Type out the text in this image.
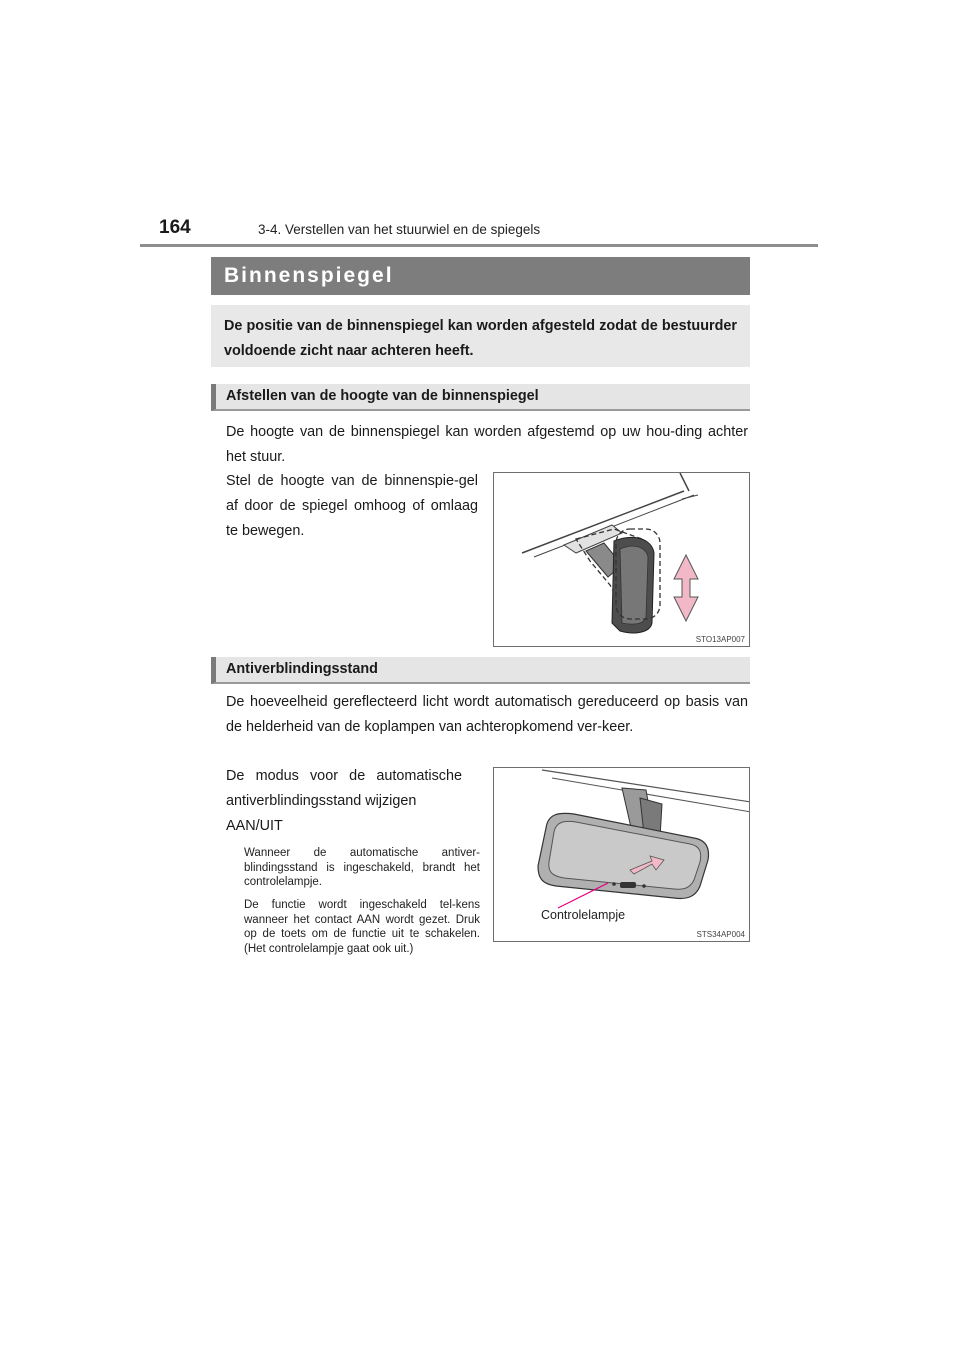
164	3-4. Verstellen van het stuurwiel en de spiegels
Binnenspiegel
De positie van de binnenspiegel kan worden afgesteld zodat de bestuurder voldoende zicht naar achteren heeft.
Afstellen van de hoogte van de binnenspiegel
De hoogte van de binnenspiegel kan worden afgestemd op uw hou-ding achter het stuur.
Stel de hoogte van de binnenspie-gel af door de spiegel omhoog of omlaag te bewegen.
STO13AP007
Antiverblindingsstand
De hoeveelheid gereflecteerd licht wordt automatisch gereduceerd op basis van de helderheid van de koplampen van achteropkomend ver-keer.
De modus voor de automatische antiverblindingsstand wijzigen
AAN/UIT
Wanneer de automatische antiver-blindingsstand is ingeschakeld, brandt het controlelampje.
De functie wordt ingeschakeld tel-kens wanneer het contact AAN wordt gezet. Druk op de toets om de functie uit te schakelen. (Het controlelampje gaat ook uit.)
Controlelampje
STS34AP004
